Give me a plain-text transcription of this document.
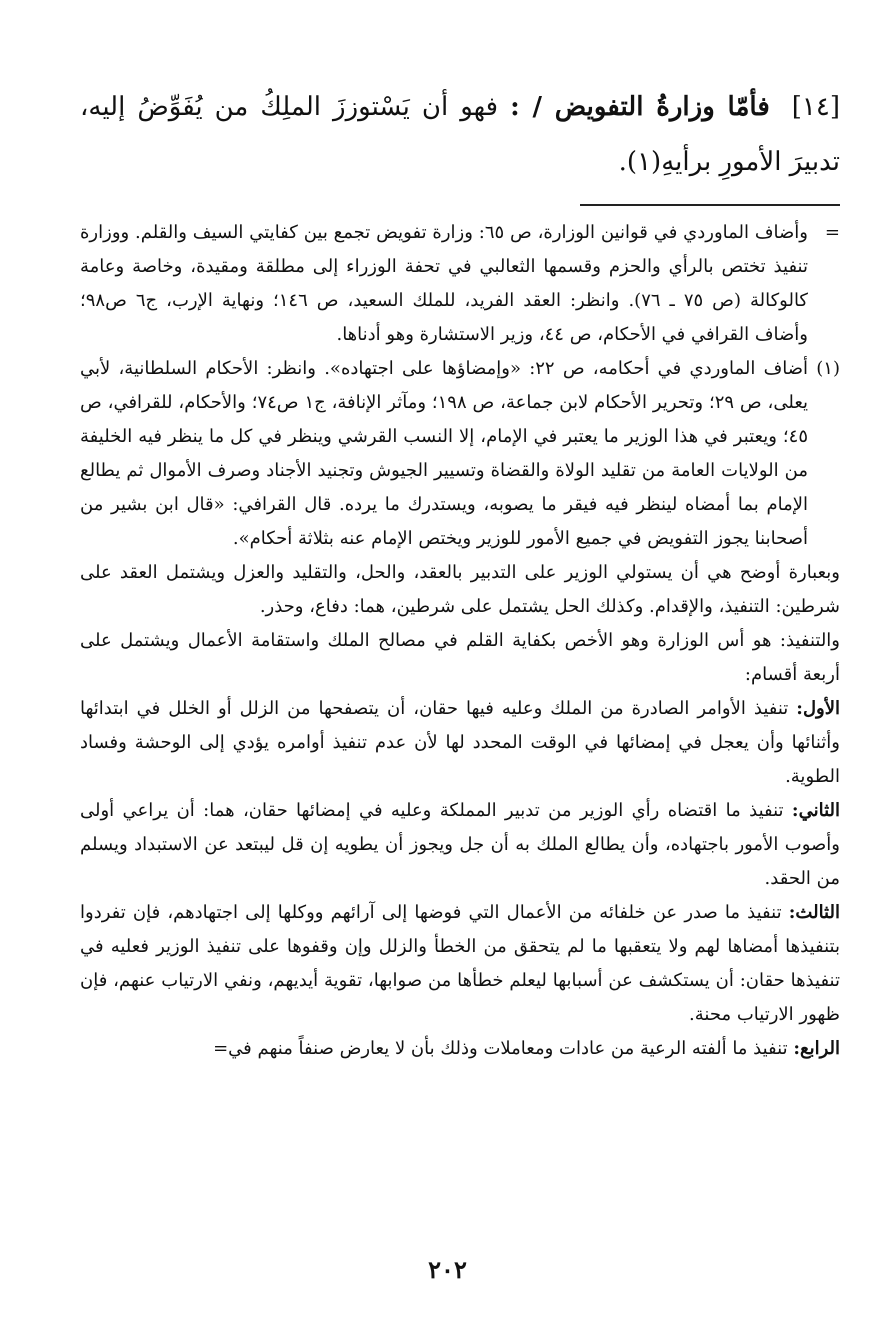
[١٤]فأمّا وزارةُ التفويض / : فهو أن يَسْتوززَ الملِكُ من يُفَوِّضُ إليه، تدبيرَ الأمورِ برأيهِ(١).

=

وأضاف الماوردي في قوانين الوزارة، ص ٦٥: وزارة تفويض تجمع بين كفايتي السيف والقلم. ووزارة تنفيذ تختص بالرأي والحزم وقسمها الثعالبي في تحفة الوزراء إلى مطلقة ومقيدة، وخاصة وعامة كالوكالة (ص ٧٥ ـ ٧٦). وانظر: العقد الفريد، للملك السعيد، ص ١٤٦؛ ونهاية الإرب، ج٦ ص٩٨؛ وأضاف القرافي في الأحكام، ص ٤٤، وزير الاستشارة وهو أدناها.

(١)

أضاف الماوردي في أحكامه، ص ٢٢: «وإمضاؤها على اجتهاده». وانظر: الأحكام السلطانية، لأبي يعلى، ص ٢٩؛ وتحرير الأحكام لابن جماعة، ص ١٩٨؛ ومآثر الإنافة، ج١ ص٧٤؛ والأحكام، للقرافي، ص ٤٥؛ ويعتبر في هذا الوزير ما يعتبر في الإمام، إلا النسب القرشي وينظر في كل ما ينظر فيه الخليفة من الولايات العامة من تقليد الولاة والقضاة وتسيير الجيوش وتجنيد الأجناد وصرف الأموال ثم يطالع الإمام بما أمضاه لينظر فيه فيقر ما يصوبه، ويستدرك ما يرده. قال القرافي: «قال ابن بشير من أصحابنا يجوز التفويض في جميع الأمور للوزير ويختص الإمام عنه بثلاثة أحكام».

وبعبارة أوضح هي أن يستولي الوزير على التدبير بالعقد، والحل، والتقليد والعزل ويشتمل العقد على شرطين: التنفيذ، والإقدام. وكذلك الحل يشتمل على شرطين، هما: دفاع، وحذر.

والتنفيذ: هو أس الوزارة وهو الأخص بكفاية القلم في مصالح الملك واستقامة الأعمال ويشتمل على أربعة أقسام:

الأول: تنفيذ الأوامر الصادرة من الملك وعليه فيها حقان، أن يتصفحها من الزلل أو الخلل في ابتدائها وأثنائها وأن يعجل في إمضائها في الوقت المحدد لها لأن عدم تنفيذ أوامره يؤدي إلى الوحشة وفساد الطوية.

الثاني: تنفيذ ما اقتضاه رأي الوزير من تدبير المملكة وعليه في إمضائها حقان، هما: أن يراعي أولى وأصوب الأمور باجتهاده، وأن يطالع الملك به أن جل ويجوز أن يطويه إن قل ليبتعد عن الاستبداد ويسلم من الحقد.

الثالث: تنفيذ ما صدر عن خلفائه من الأعمال التي فوضها إلى آرائهم ووكلها إلى اجتهادهم، فإن تفردوا بتنفيذها أمضاها لهم ولا يتعقبها ما لم يتحقق من الخطأ والزلل وإن وقفوها على تنفيذ الوزير فعليه في تنفيذها حقان: أن يستكشف عن أسبابها ليعلم خطأها من صوابها، تقوية أيديهم، ونفي الارتياب عنهم، فإن ظهور الارتياب محنة.

الرابع: تنفيذ ما ألفته الرعية من عادات ومعاملات وذلك بأن لا يعارض صنفاً منهم في=

٢٠٢
